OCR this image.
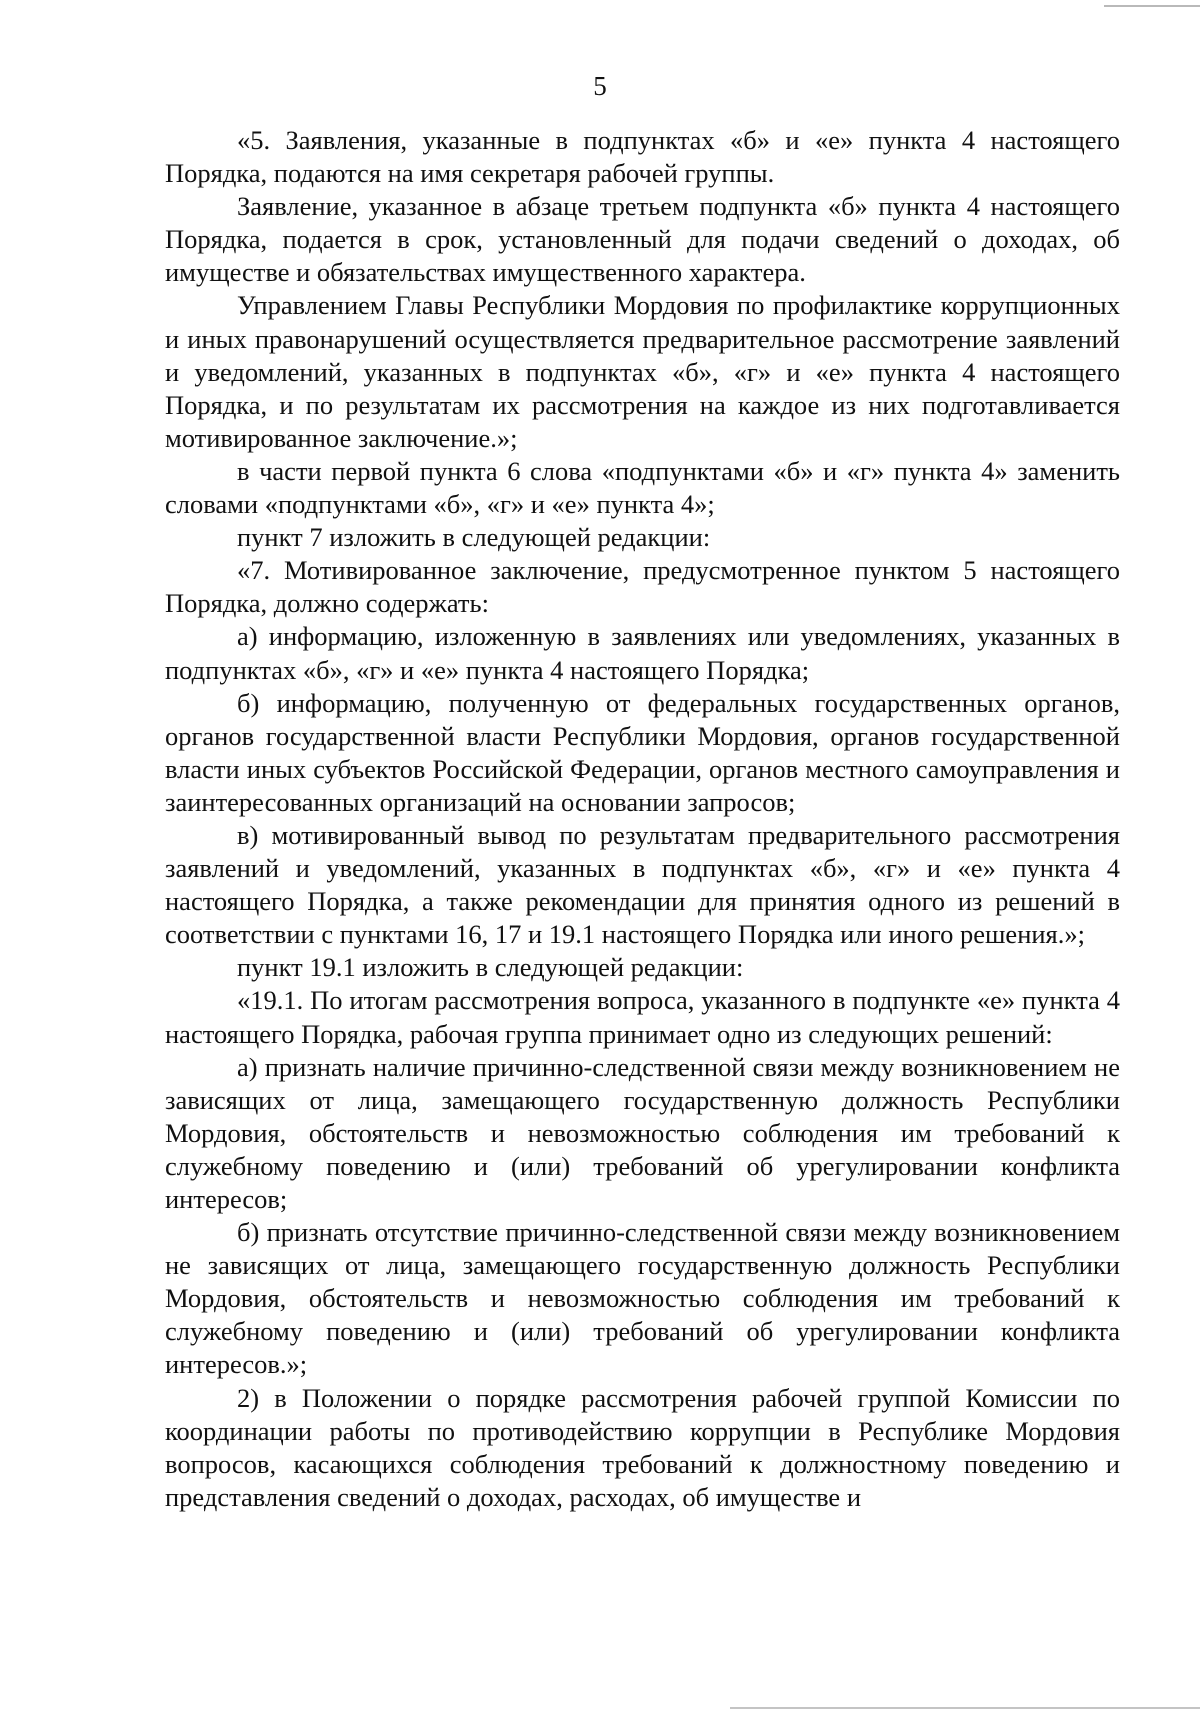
5

«5. Заявления, указанные в подпунктах «б» и «е» пункта 4 настоящего Порядка, подаются на имя секретаря рабочей группы.

Заявление, указанное в абзаце третьем подпункта «б» пункта 4 настоящего Порядка, подается в срок, установленный для подачи сведений о доходах, об имуществе и обязательствах имущественного характера.

Управлением Главы Республики Мордовия по профилактике коррупционных и иных правонарушений осуществляется предварительное рассмотрение заявлений и уведомлений, указанных в подпунктах «б», «г» и «е» пункта 4 настоящего Порядка, и по результатам их рассмотрения на каждое из них подготавливается мотивированное заключение.»;

в части первой пункта 6 слова «подпунктами «б» и «г» пункта 4» заменить словами «подпунктами «б», «г» и «е» пункта 4»;

пункт 7 изложить в следующей редакции:

«7. Мотивированное заключение, предусмотренное пунктом 5 настоящего Порядка, должно содержать:

а) информацию, изложенную в заявлениях или уведомлениях, указанных в подпунктах «б», «г» и «е» пункта 4 настоящего Порядка;

б) информацию, полученную от федеральных государственных органов, органов государственной власти Республики Мордовия, органов государственной власти иных субъектов Российской Федерации, органов местного самоуправления и заинтересованных организаций на основании запросов;

в) мотивированный вывод по результатам предварительного рассмотрения заявлений и уведомлений, указанных в подпунктах «б», «г» и «е» пункта 4 настоящего Порядка, а также рекомендации для принятия одного из решений в соответствии с пунктами 16, 17 и 19.1 настоящего Порядка или иного решения.»;

пункт 19.1 изложить в следующей редакции:

«19.1. По итогам рассмотрения вопроса, указанного в подпункте «е» пункта 4 настоящего Порядка, рабочая группа принимает одно из следующих решений:

а) признать наличие причинно-следственной связи между возникновением не зависящих от лица, замещающего государственную должность Республики Мордовия, обстоятельств и невозможностью соблюдения им требований к служебному поведению и (или) требований об урегулировании конфликта интересов;

б) признать отсутствие причинно-следственной связи между возникновением не зависящих от лица, замещающего государственную должность Республики Мордовия, обстоятельств и невозможностью соблюдения им требований к служебному поведению и (или) требований об урегулировании конфликта интересов.»;

2) в Положении о порядке рассмотрения рабочей группой Комиссии по координации работы по противодействию коррупции в Республике Мордовия вопросов, касающихся соблюдения требований к должностному поведению и представления сведений о доходах, расходах, об имуществе и
